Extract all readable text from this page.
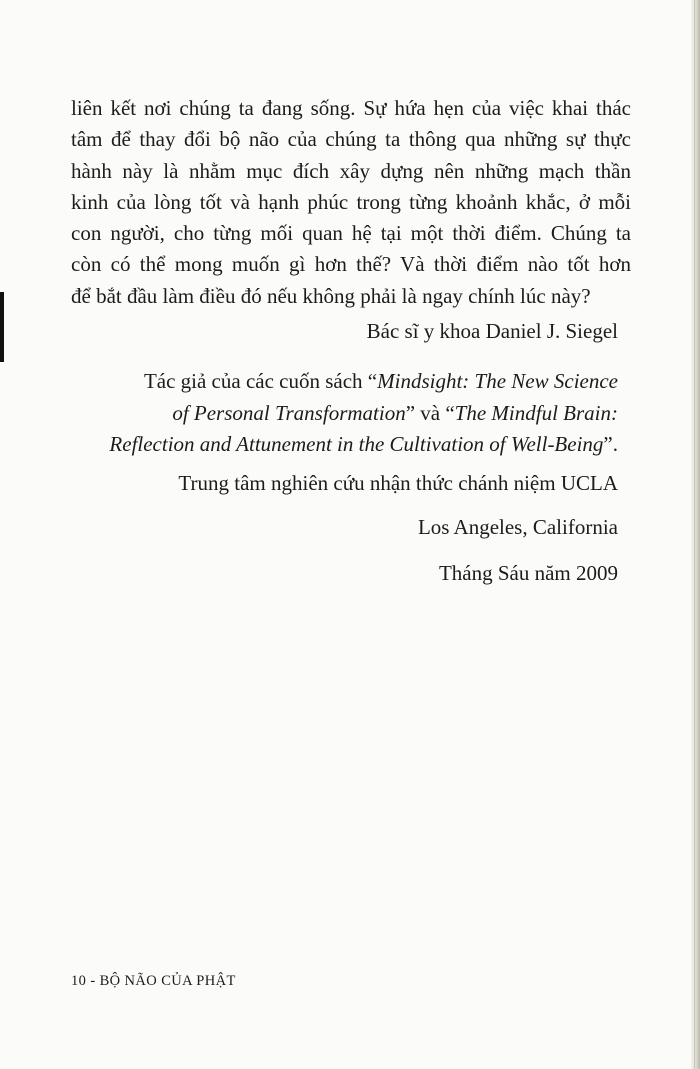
liên kết nơi chúng ta đang sống. Sự hứa hẹn của việc khai thác
tâm để thay đổi bộ não của chúng ta thông qua những sự thực
hành này là nhằm mục đích xây dựng nên những mạch thần
kinh của lòng tốt và hạnh phúc trong từng khoảnh khắc, ở mỗi
con người, cho từng mối quan hệ tại một thời điểm. Chúng ta
còn có thể mong muốn gì hơn thế? Và thời điểm nào tốt hơn
để bắt đầu làm điều đó nếu không phải là ngay chính lúc này?
Bác sĩ y khoa Daniel J. Siegel
Tác giả của các cuốn sách “Mindsight: The New Science
of Personal Transformation” và “The Mindful Brain:
Reflection and Attunement in the Cultivation of Well-Being”.
Trung tâm nghiên cứu nhận thức chánh niệm UCLA
Los Angeles, California
Tháng Sáu năm 2009
10 - BỘ NÃO CỦA PHẬT
